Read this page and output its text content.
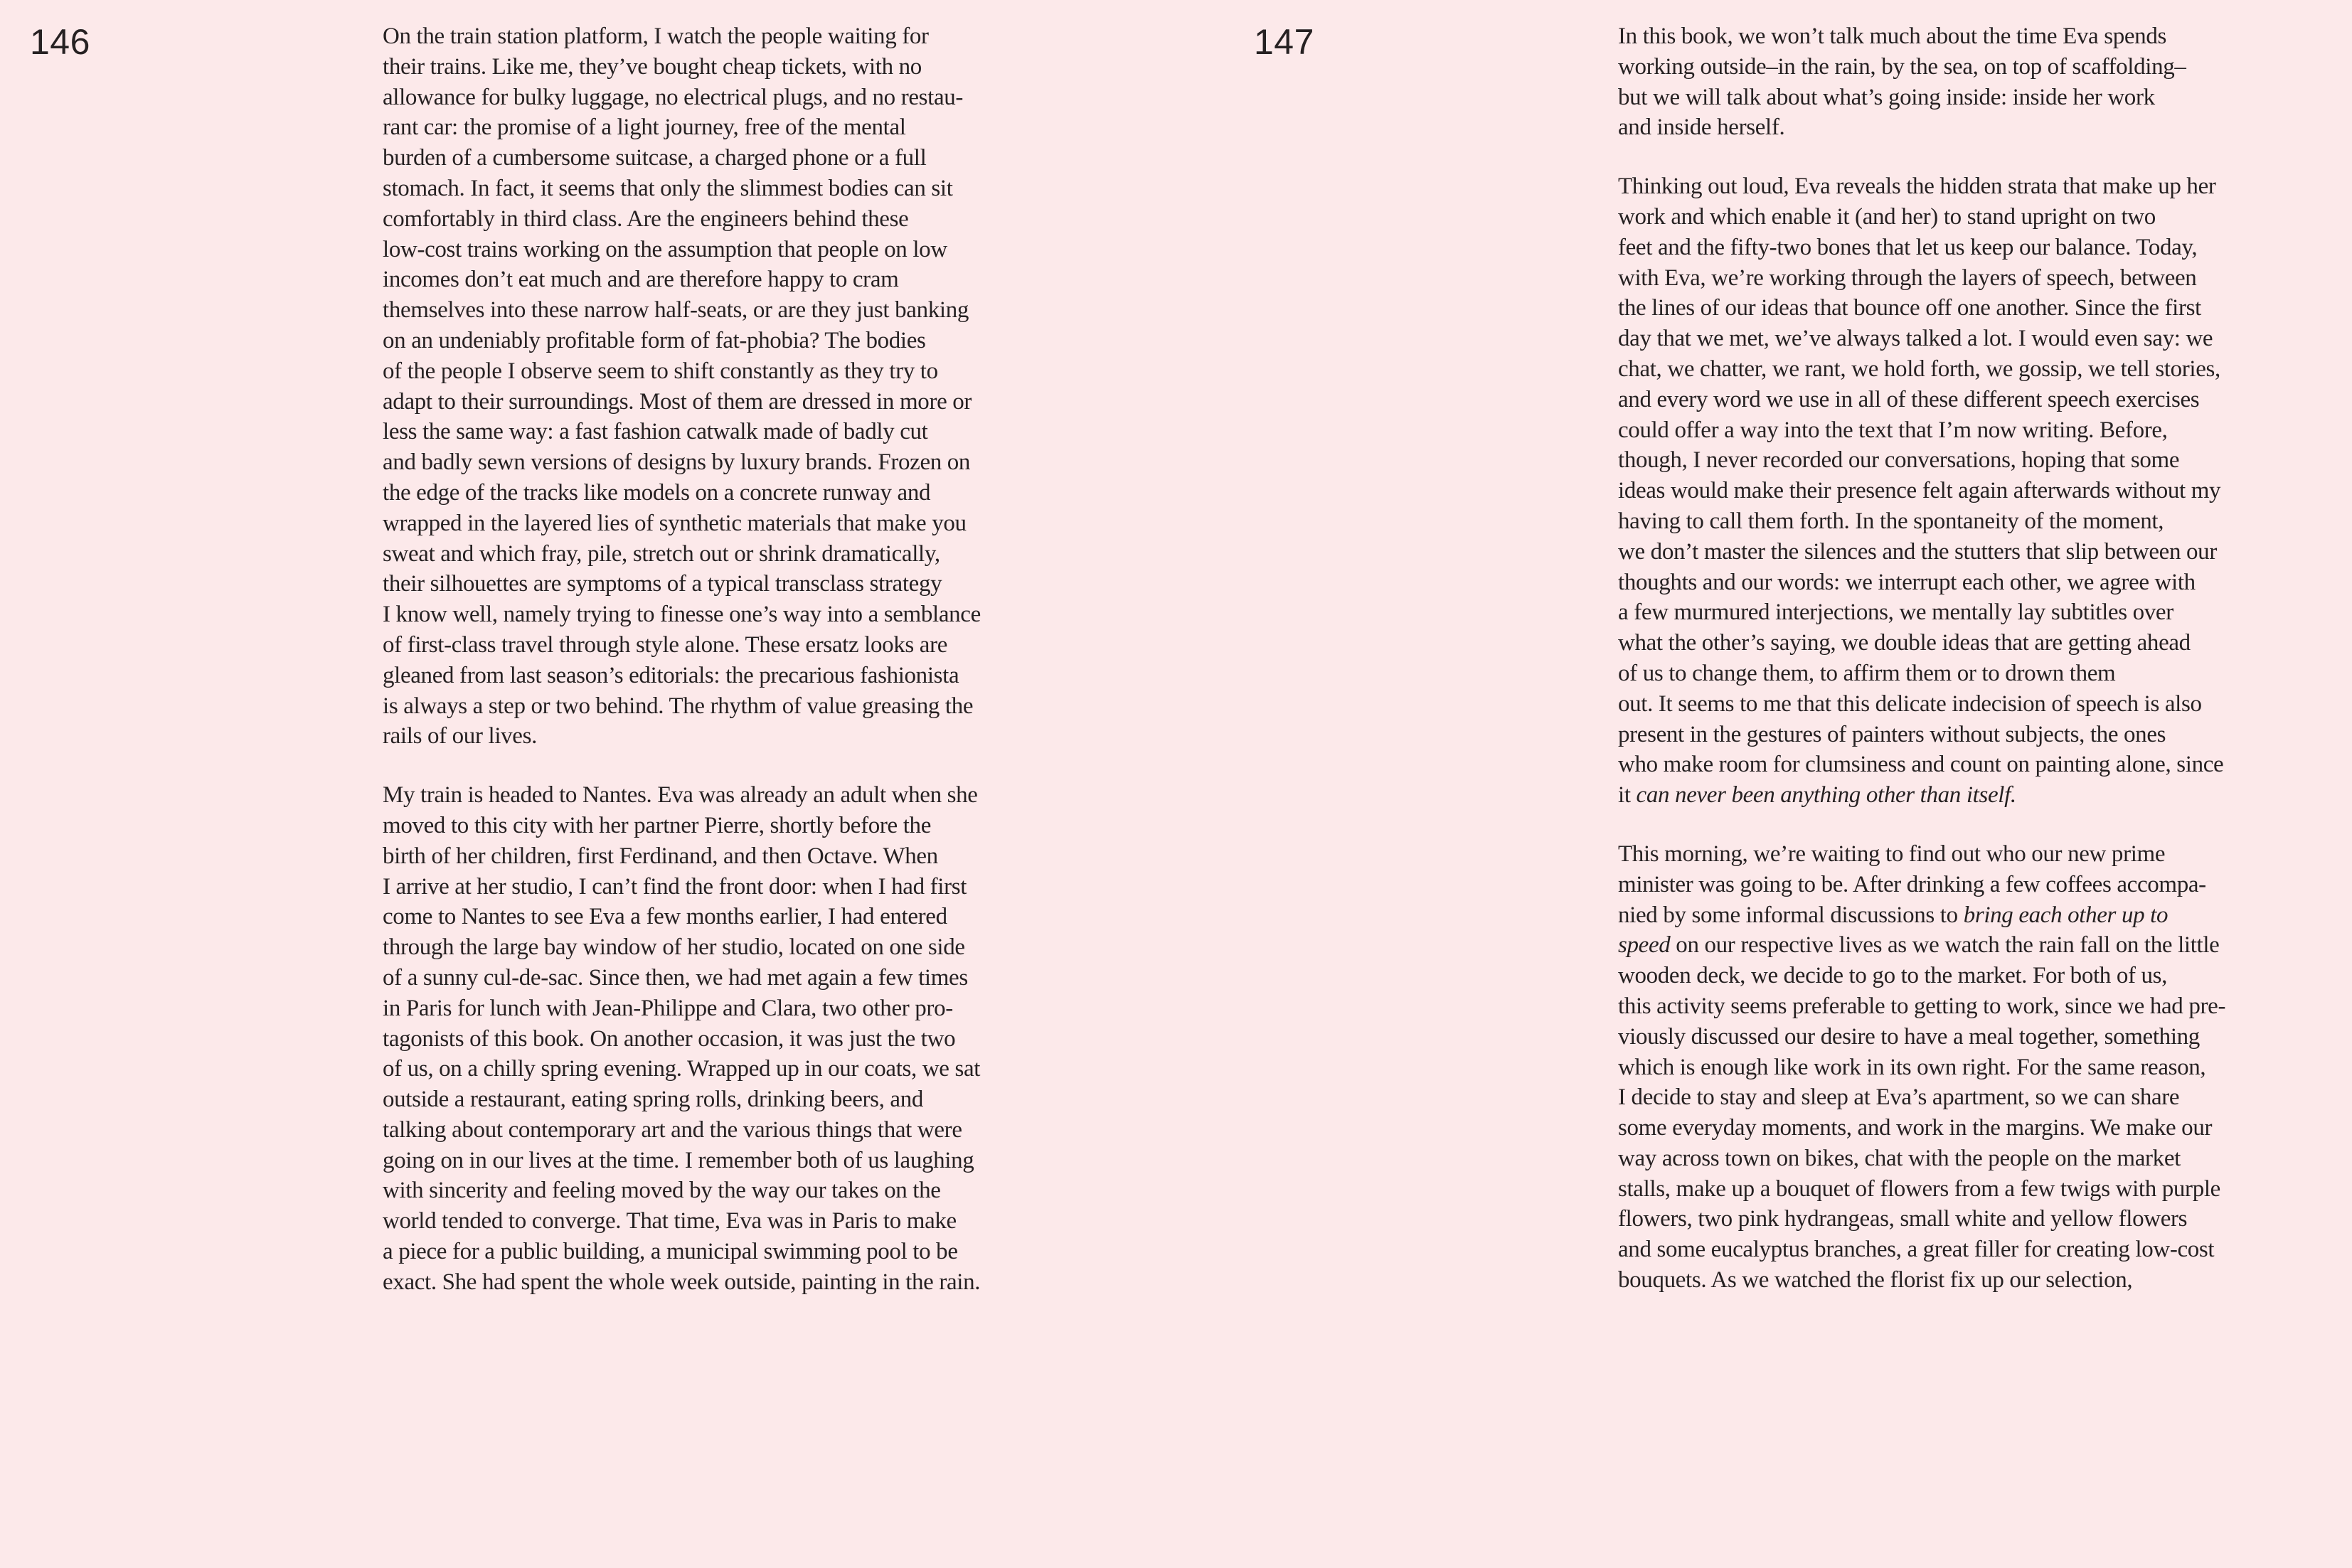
146	On the train station platform, I watch the people waiting for
their trains. Like me, they’ve bought cheap tickets, with no
allowance for bulky luggage, no electrical plugs, and no restau-
rant car: the promise of a light journey, free of the mental
burden of a cumbersome suitcase, a charged phone or a full
stomach. In fact, it seems that only the slimmest bodies can sit
comfortably in third class. Are the engineers behind these
low-cost trains working on the assumption that people on low
incomes don’t eat much and are therefore happy to cram
themselves into these narrow half-seats, or are they just banking
on an undeniably profitable form of fat-phobia? The bodies
of the people I observe seem to shift constantly as they try to
adapt to their surroundings. Most of them are dressed in more or
less the same way: a fast fashion catwalk made of badly cut
and badly sewn versions of designs by luxury brands. Frozen on
the edge of the tracks like models on a concrete runway and
wrapped in the layered lies of synthetic materials that make you
sweat and which fray, pile, stretch out or shrink dramatically,
their silhouettes are symptoms of a typical transclass strategy
I know well, namely trying to finesse one’s way into a semblance
of first-class travel through style alone. These ersatz looks are
gleaned from last season’s editorials: the precarious fashionista
is always a step or two behind. The rhythm of value greasing the
rails of our lives.

My train is headed to Nantes. Eva was already an adult when she
moved to this city with her partner Pierre, shortly before the
birth of her children, first Ferdinand, and then Octave. When
I arrive at her studio, I can’t find the front door: when I had first
come to Nantes to see Eva a few months earlier, I had entered
through the large bay window of her studio, located on one side
of a sunny cul-de-sac. Since then, we had met again a few times
in Paris for lunch with Jean-Philippe and Clara, two other pro-
tagonists of this book. On another occasion, it was just the two
of us, on a chilly spring evening. Wrapped up in our coats, we sat
outside a restaurant, eating spring rolls, drinking beers, and
talking about contemporary art and the various things that were
going on in our lives at the time. I remember both of us laughing
with sincerity and feeling moved by the way our takes on the
world tended to converge. That time, Eva was in Paris to make
a piece for a public building, a municipal swimming pool to be
exact. She had spent the whole week outside, painting in the rain.

147	In this book, we won’t talk much about the time Eva spends
working outside–in the rain, by the sea, on top of scaffolding–
but we will talk about what’s going inside: inside her work
and inside herself.

Thinking out loud, Eva reveals the hidden strata that make up her
work and which enable it (and her) to stand upright on two
feet and the fifty-two bones that let us keep our balance. Today,
with Eva, we’re working through the layers of speech, between
the lines of our ideas that bounce off one another. Since the first
day that we met, we’ve always talked a lot. I would even say: we
chat, we chatter, we rant, we hold forth, we gossip, we tell stories,
and every word we use in all of these different speech exercises
could offer a way into the text that I’m now writing. Before,
though, I never recorded our conversations, hoping that some
ideas would make their presence felt again afterwards without my
having to call them forth. In the spontaneity of the moment,
we don’t master the silences and the stutters that slip between our
thoughts and our words: we interrupt each other, we agree with
a few murmured interjections, we mentally lay subtitles over
what the other’s saying, we double ideas that are getting ahead
of us to change them, to affirm them or to drown them
out. It seems to me that this delicate indecision of speech is also
present in the gestures of painters without subjects, the ones
who make room for clumsiness and count on painting alone, since
it can never been anything other than itself.

This morning, we’re waiting to find out who our new prime
minister was going to be. After drinking a few coffees accompa-
nied by some informal discussions to bring each other up to
speed on our respective lives as we watch the rain fall on the little
wooden deck, we decide to go to the market. For both of us,
this activity seems preferable to getting to work, since we had pre-
viously discussed our desire to have a meal together, something
which is enough like work in its own right. For the same reason,
I decide to stay and sleep at Eva’s apartment, so we can share
some everyday moments, and work in the margins. We make our
way across town on bikes, chat with the people on the market
stalls, make up a bouquet of flowers from a few twigs with purple
flowers, two pink hydrangeas, small white and yellow flowers
and some eucalyptus branches, a great filler for creating low-cost
bouquets. As we watched the florist fix up our selection,
